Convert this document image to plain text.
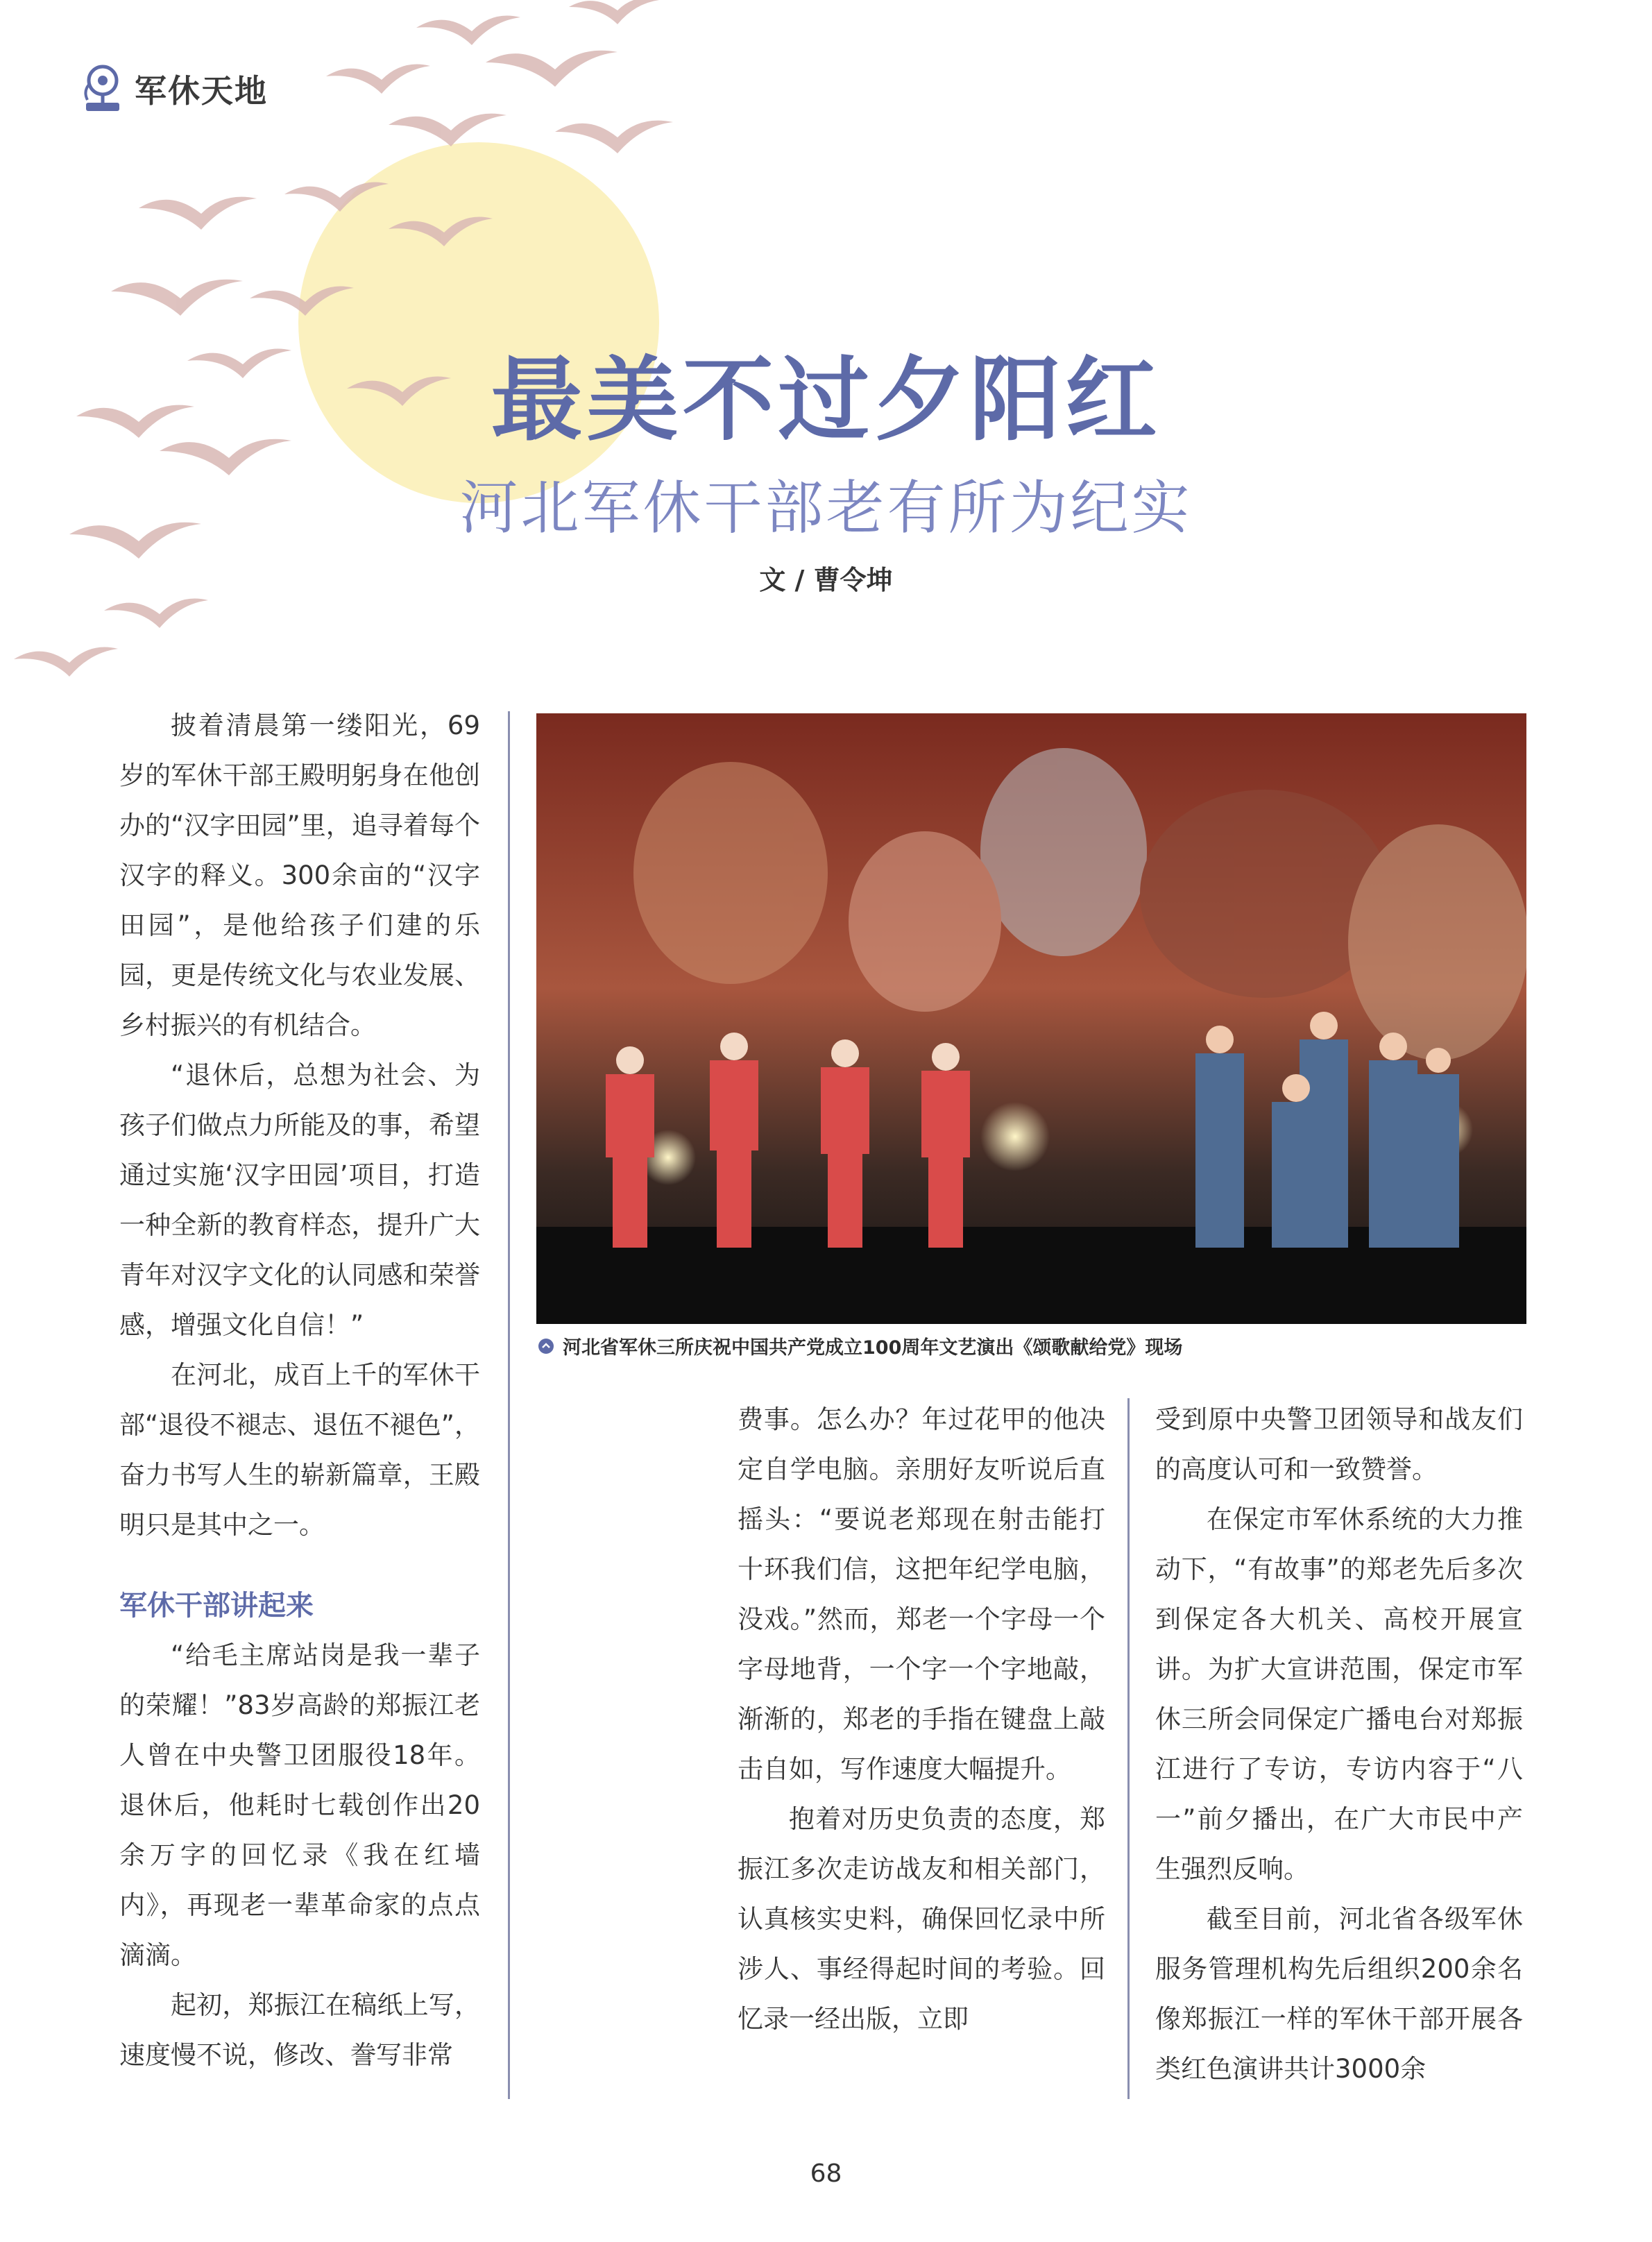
军休天地
最美不过夕阳红
河北军休干部老有所为纪实
文 / 曹令坤

披着清晨第一缕阳光，69岁的军休干部王殿明躬身在他创办的“汉字田园”里，追寻着每个汉字的释义。300余亩的“汉字田园”，是他给孩子们建的乐园，更是传统文化与农业发展、乡村振兴的有机结合。

“退休后，总想为社会、为孩子们做点力所能及的事，希望通过实施‘汉字田园’项目，打造一种全新的教育样态，提升广大青年对汉字文化的认同感和荣誉感，增强文化自信！”

在河北，成百上千的军休干部“退役不褪志、退伍不褪色”，奋力书写人生的崭新篇章，王殿明只是其中之一。

军休干部讲起来

“给毛主席站岗是我一辈子的荣耀！”83岁高龄的郑振江老人曾在中央警卫团服役18年。退休后，他耗时七载创作出20余万字的回忆录《我在红墙内》，再现老一辈革命家的点点滴滴。

起初，郑振江在稿纸上写，速度慢不说，修改、誊写非常

河北省军休三所庆祝中国共产党成立100周年文艺演出《颂歌献给党》现场

费事。怎么办？年过花甲的他决定自学电脑。亲朋好友听说后直摇头：“要说老郑现在射击能打十环我们信，这把年纪学电脑，没戏。”然而，郑老一个字母一个字母地背，一个字一个字地敲，渐渐的，郑老的手指在键盘上敲击自如，写作速度大幅提升。

抱着对历史负责的态度，郑振江多次走访战友和相关部门，认真核实史料，确保回忆录中所涉人、事经得起时间的考验。回忆录一经出版，立即

受到原中央警卫团领导和战友们的高度认可和一致赞誉。

在保定市军休系统的大力推动下，“有故事”的郑老先后多次到保定各大机关、高校开展宣讲。为扩大宣讲范围，保定市军休三所会同保定广播电台对郑振江进行了专访，专访内容于“八一”前夕播出，在广大市民中产生强烈反响。

截至目前，河北省各级军休服务管理机构先后组织200余名像郑振江一样的军休干部开展各类红色演讲共计3000余

68
